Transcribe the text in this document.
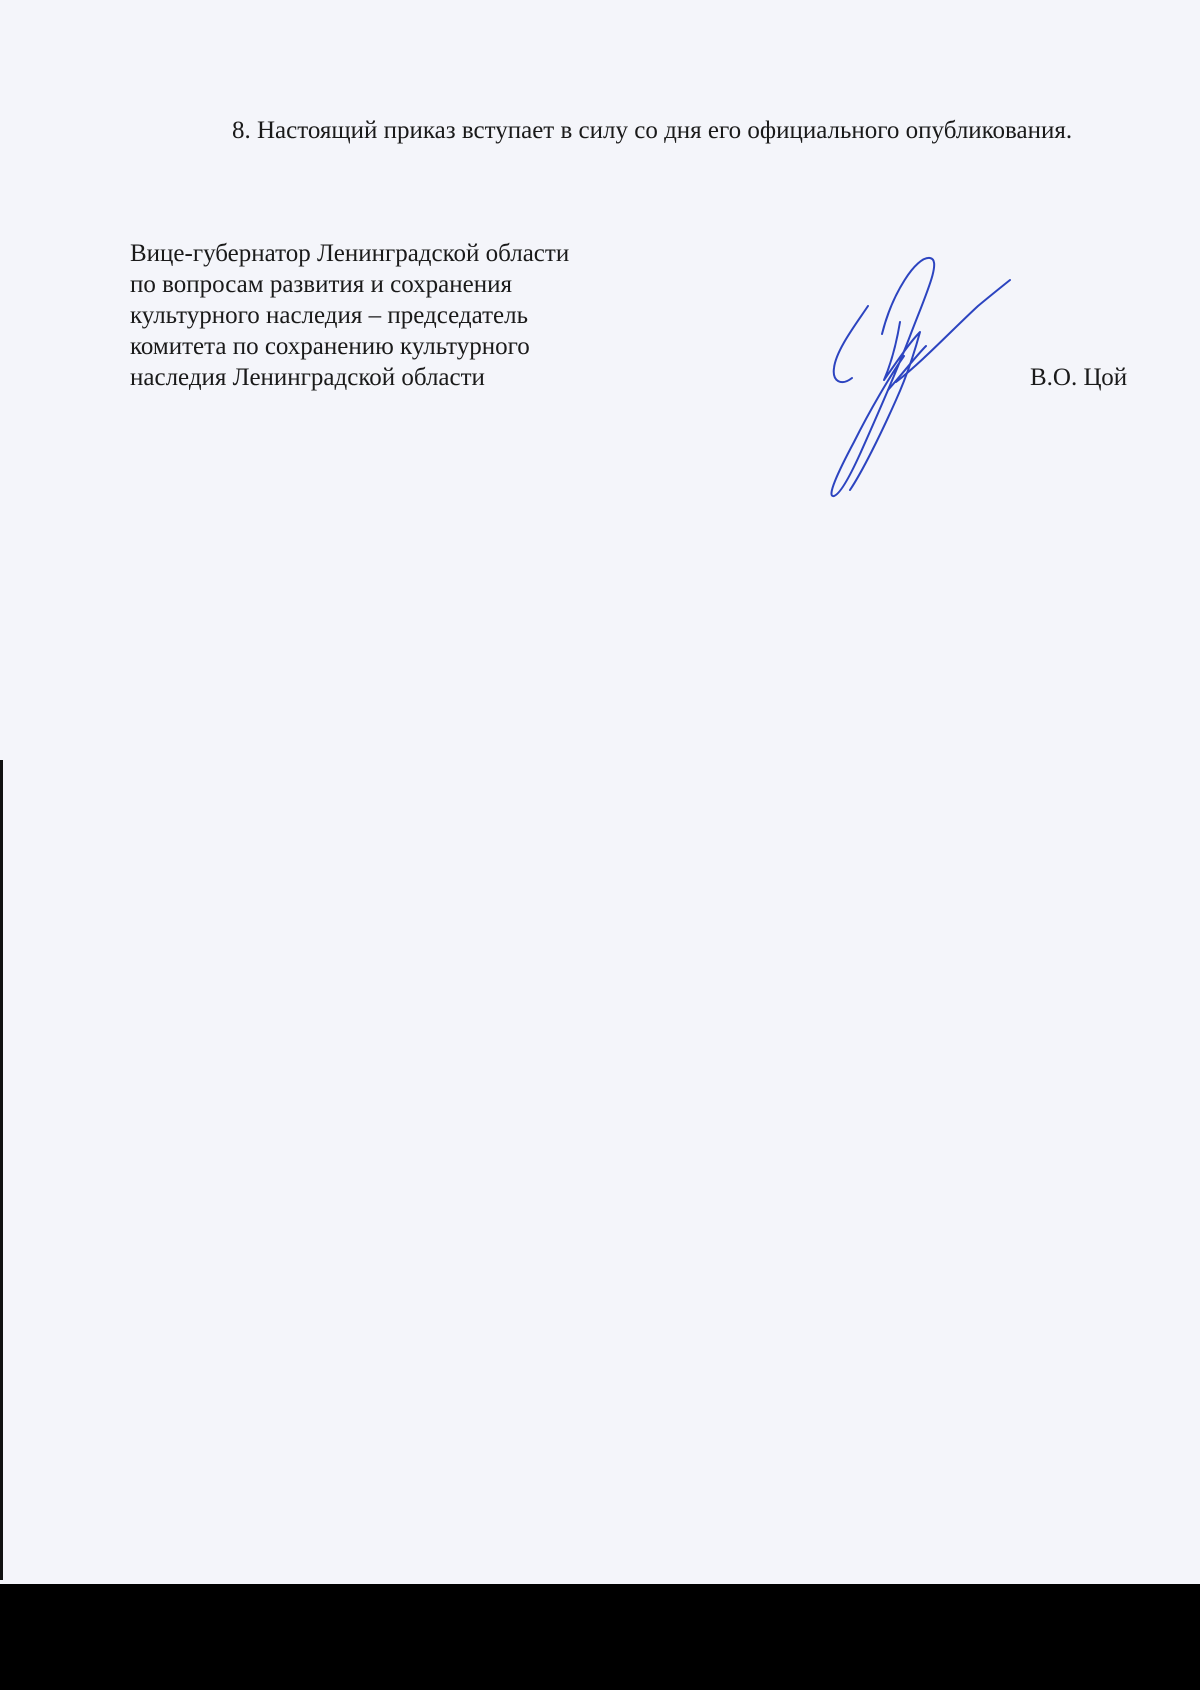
8. Настоящий приказ вступает в силу со дня его официального опубликования.

Вице-губернатор Ленинградской области
по вопросам развития и сохранения
культурного наследия – председатель
комитета по сохранению культурного
наследия Ленинградской области	В.О. Цой
